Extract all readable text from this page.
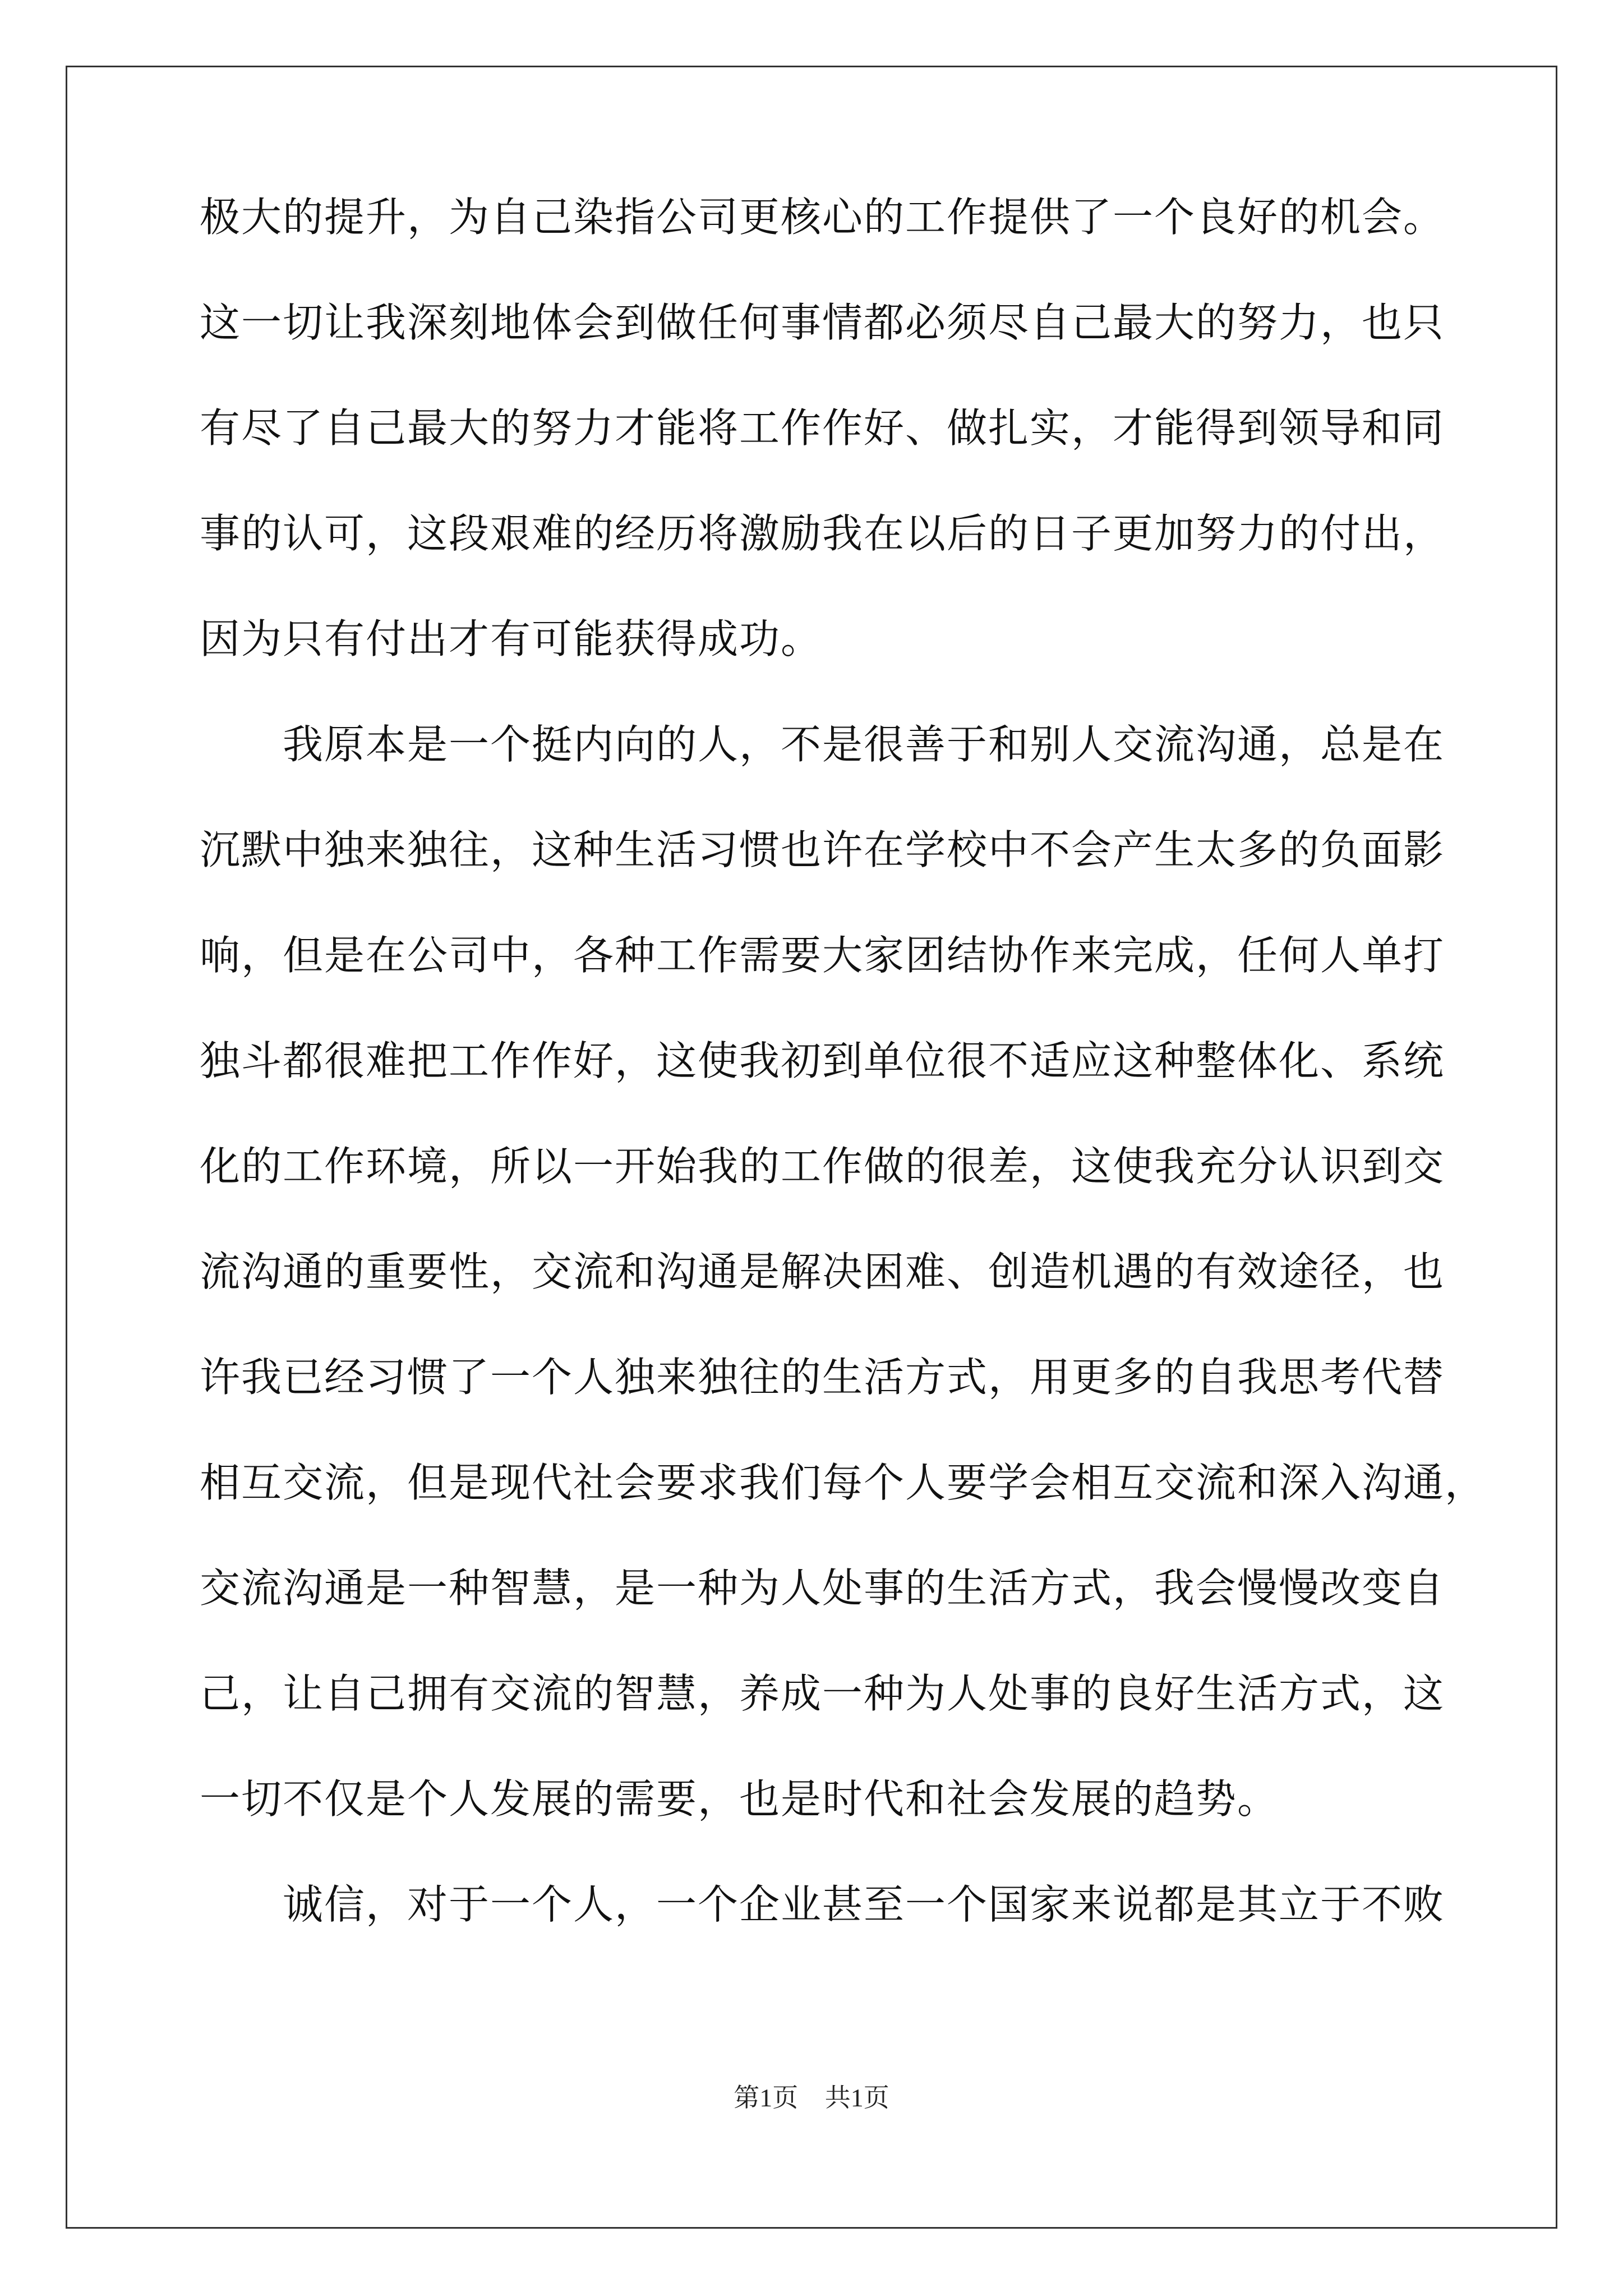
极大的提升，为自己染指公司更核心的工作提供了一个良好的机会。
这一切让我深刻地体会到做任何事情都必须尽自己最大的努力，也只
有尽了自己最大的努力才能将工作作好、做扎实，才能得到领导和同
事的认可，这段艰难的经历将激励我在以后的日子更加努力的付出，
因为只有付出才有可能获得成功。
　　我原本是一个挺内向的人，不是很善于和别人交流沟通，总是在
沉默中独来独往，这种生活习惯也许在学校中不会产生太多的负面影
响，但是在公司中，各种工作需要大家团结协作来完成，任何人单打
独斗都很难把工作作好，这使我初到单位很不适应这种整体化、系统
化的工作环境，所以一开始我的工作做的很差，这使我充分认识到交
流沟通的重要性，交流和沟通是解决困难、创造机遇的有效途径，也
许我已经习惯了一个人独来独往的生活方式，用更多的自我思考代替
相互交流，但是现代社会要求我们每个人要学会相互交流和深入沟通，
交流沟通是一种智慧，是一种为人处事的生活方式，我会慢慢改变自
己，让自己拥有交流的智慧，养成一种为人处事的良好生活方式，这
一切不仅是个人发展的需要，也是时代和社会发展的趋势。
　　诚信，对于一个人，一个企业甚至一个国家来说都是其立于不败
第1页 共1页
